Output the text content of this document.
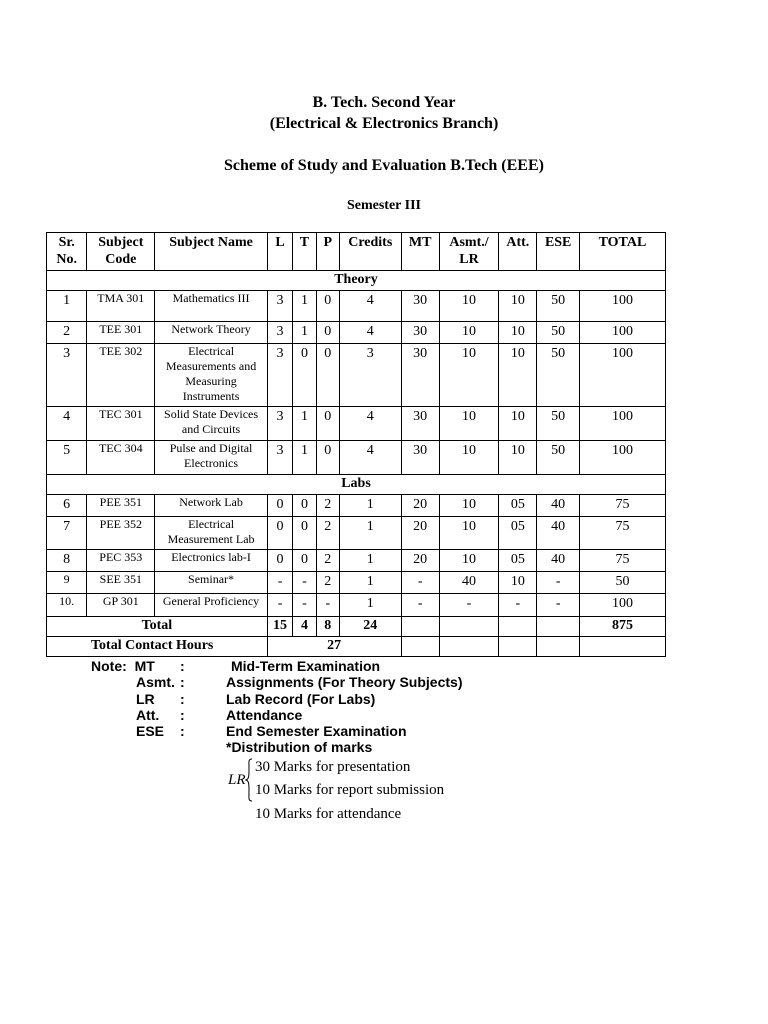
B. Tech. Second Year
(Electrical & Electronics Branch)
Scheme of Study and Evaluation B.Tech (EEE)
Semester III
Sr. No.	Subject Code	Subject Name	L	T	P	Credits	MT	Asmt./ LR	Att.	ESE	TOTAL
Theory											
1	TMA 301	Mathematics III	3	1	0	4	30	10	10	50	100
2	TEE 301	Network Theory	3	1	0	4	30	10	10	50	100
3	TEE 302	Electrical Measurements and Measuring Instruments	3	0	0	3	30	10	10	50	100
4	TEC 301	Solid State Devices and Circuits	3	1	0	4	30	10	10	50	100
5	TEC 304	Pulse and Digital Electronics	3	1	0	4	30	10	10	50	100
Labs											
6	PEE 351	Network Lab	0	0	2	1	20	10	05	40	75
7	PEE 352	Electrical Measurement Lab	0	0	2	1	20	10	05	40	75
8	PEC 353	Electronics lab-I	0	0	2	1	20	10	05	40	75
9	SEE 351	Seminar*	-	-	2	1	-	40	10	-	50
10.	GP 301	General Proficiency	-	-	-	1	-	-	-	-	100
Total			15	4	8	24					875
Total Contact Hours			27								
Note: MT :	Mid-Term Examination
Asmt. :	Assignments (For Theory Subjects)
LR :	Lab Record (For Labs)
Att. :	Attendance
ESE :	End Semester Examination
*Distribution of marks
LR
30 Marks for presentation
10 Marks for report submission
10 Marks for attendance
